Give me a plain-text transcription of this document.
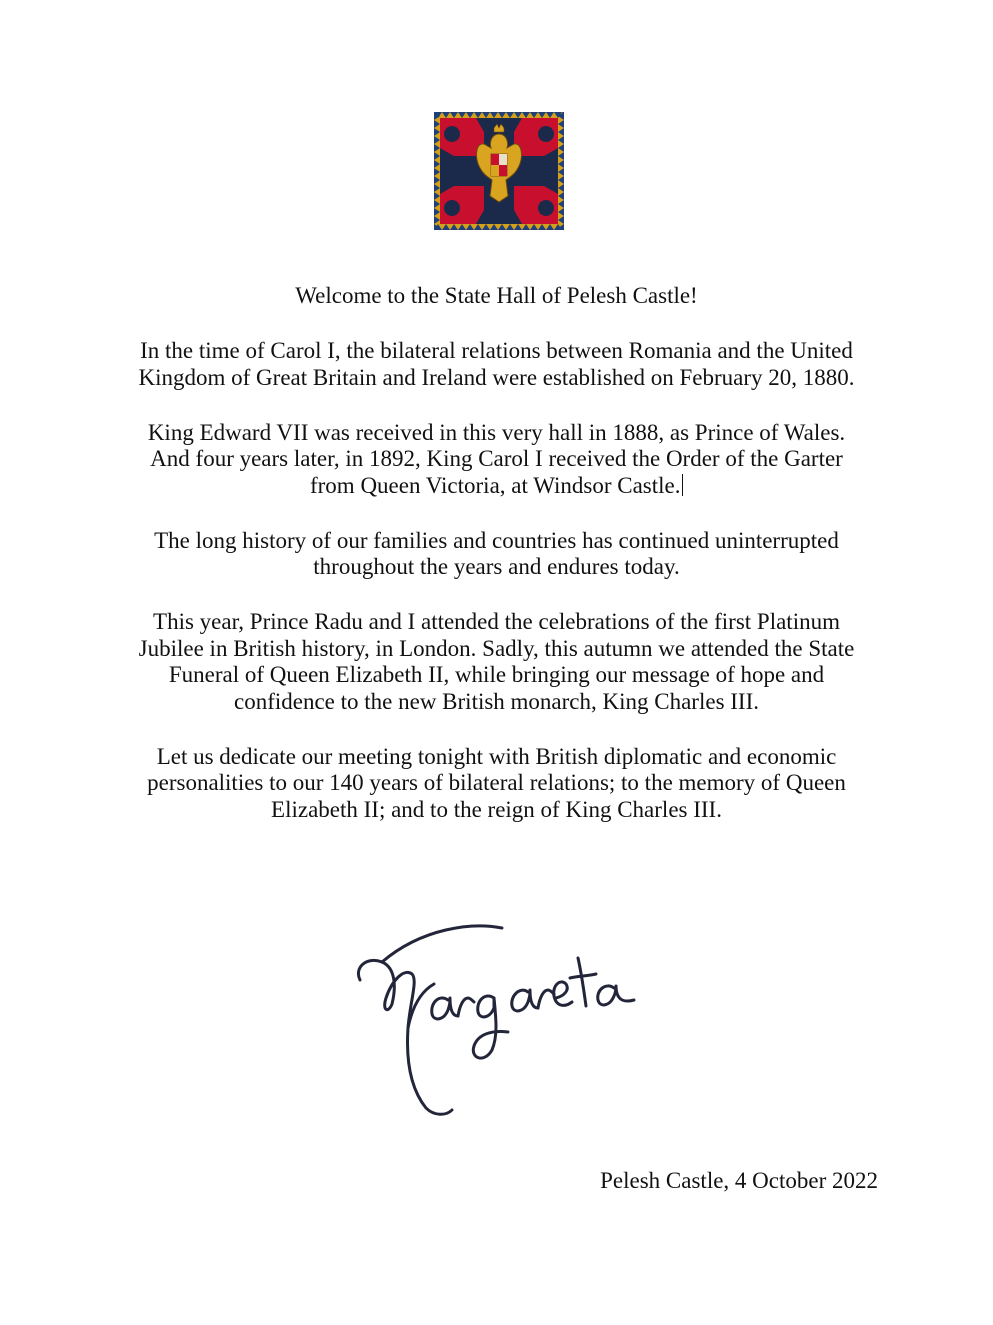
Welcome to the State Hall of Pelesh Castle!

In the time of Carol I, the bilateral relations between Romania and the United
Kingdom of Great Britain and Ireland were established on February 20, 1880.

King Edward VII was received in this very hall in 1888, as Prince of Wales.
And four years later, in 1892, King Carol I received the Order of the Garter
from Queen Victoria, at Windsor Castle.

The long history of our families and countries has continued uninterrupted
throughout the years and endures today.

This year, Prince Radu and I attended the celebrations of the first Platinum
Jubilee in British history, in London. Sadly, this autumn we attended the State
Funeral of Queen Elizabeth II, while bringing our message of hope and
confidence to the new British monarch, King Charles III.

Let us dedicate our meeting tonight with British diplomatic and economic
personalities to our 140 years of bilateral relations; to the memory of Queen
Elizabeth II; and to the reign of King Charles III.

Pelesh Castle, 4 October 2022
